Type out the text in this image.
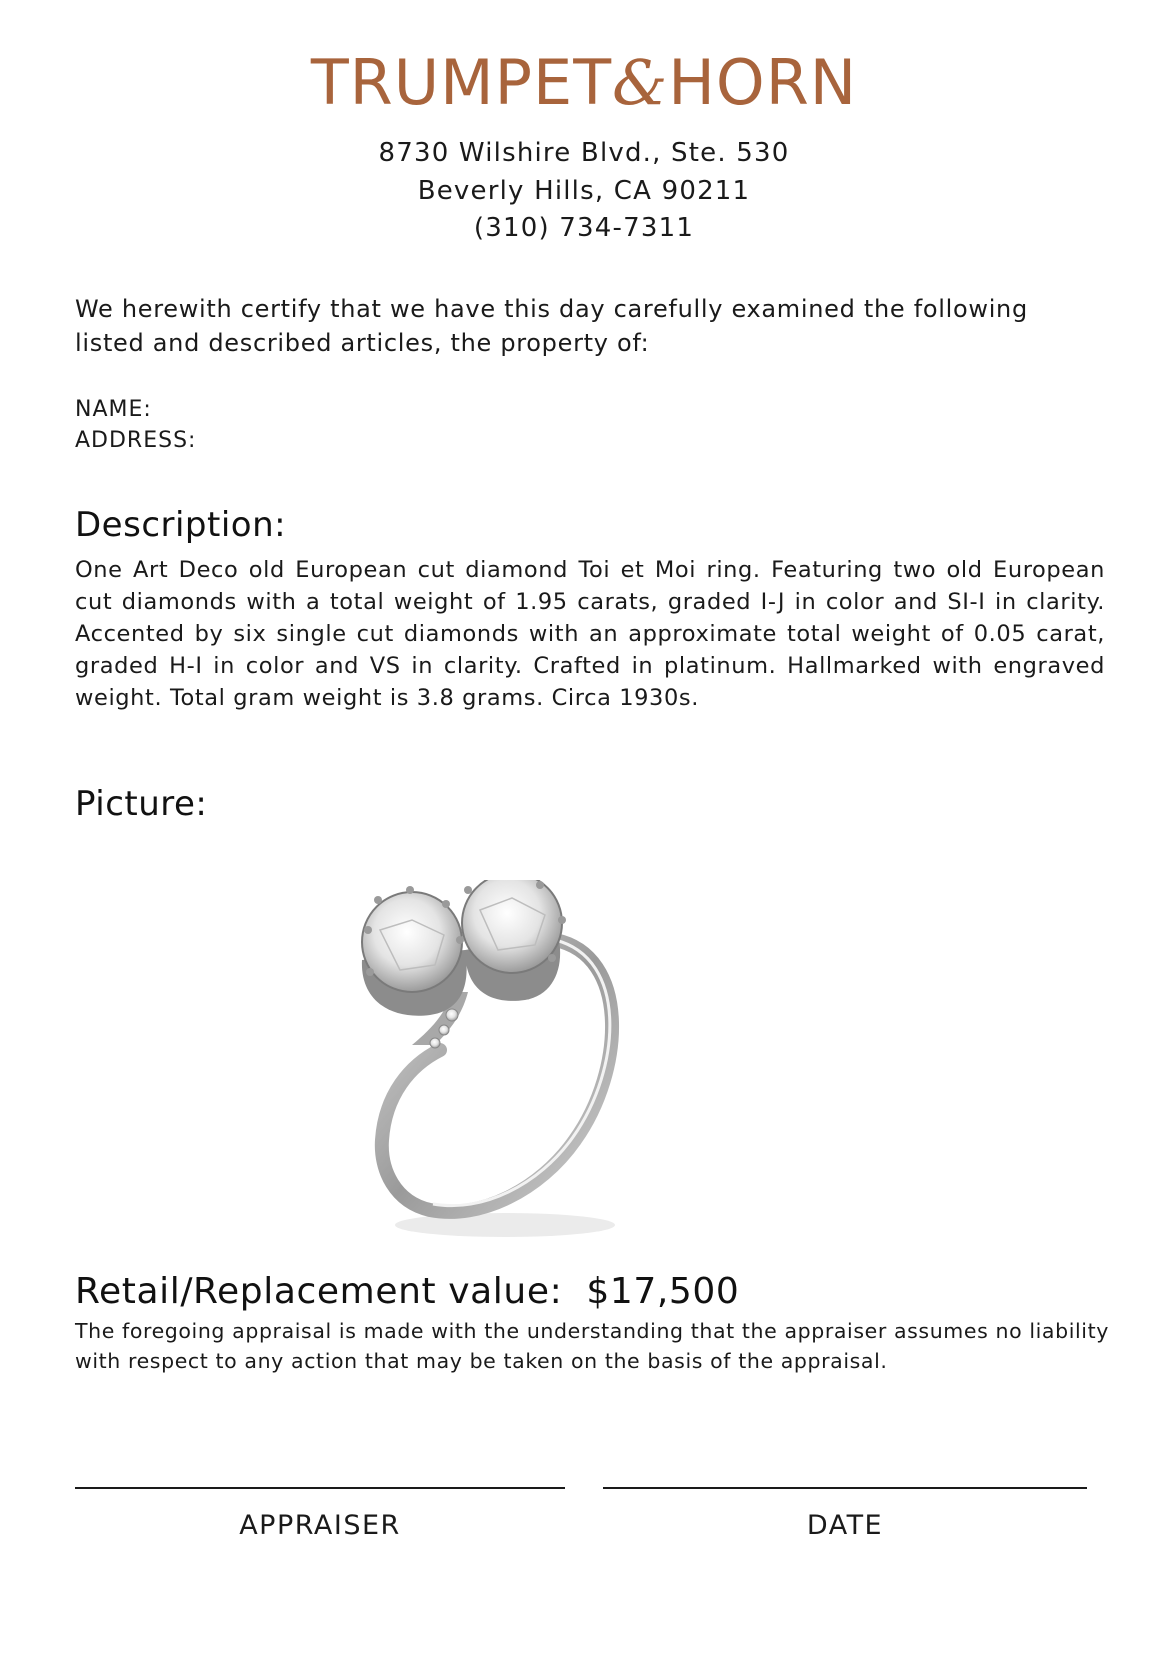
TRUMPET&HORN
8730 Wilshire Blvd., Ste. 530
Beverly Hills, CA 90211
(310) 734-7311
We herewith certify that we have this day carefully examined the following listed and described articles, the property of:
NAME:
ADDRESS:
Description:
One Art Deco old European cut diamond Toi et Moi ring. Featuring two old European cut diamonds with a total weight of 1.95 carats, graded I-J in color and SI-I in clarity. Accented by six single cut diamonds with an approximate total weight of 0.05 carat, graded H-I in color and VS in clarity. Crafted in platinum. Hallmarked with engraved weight. Total gram weight is 3.8 grams. Circa 1930s.
Picture:
Retail/Replacement value: $17,500
The foregoing appraisal is made with the understanding that the appraiser assumes no liability with respect to any action that may be taken on the basis of the appraisal.
APPRAISER	DATE
